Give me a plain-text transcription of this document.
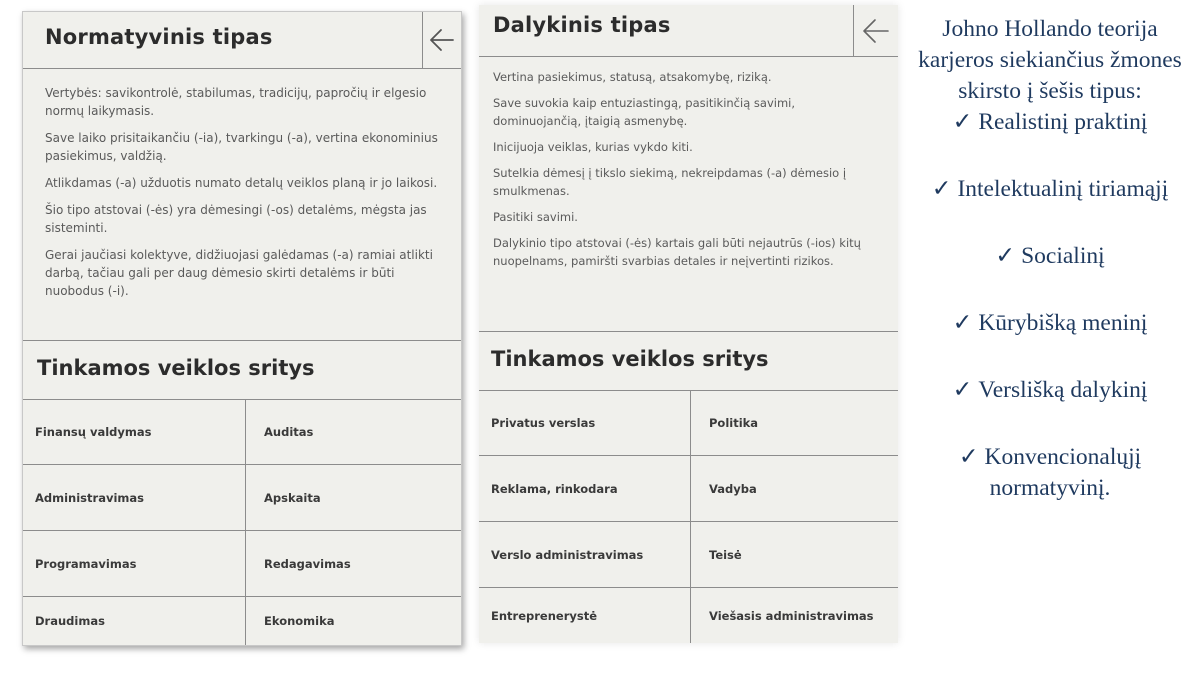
Normatyvinis tipas

Vertybės: savikontrolė, stabilumas, tradicijų, papročių ir elgesio normų laikymasis.

Save laiko prisitaikančiu (-ia), tvarkingu (-a), vertina ekonominius pasiekimus, valdžią.

Atlikdamas (-a) užduotis numato detalų veiklos planą ir jo laikosi.

Šio tipo atstovai (-ės) yra dėmesingi (-os) detalėms, mėgsta jas sisteminti.

Gerai jaučiasi kolektyve, didžiuojasi galėdamas (-a) ramiai atlikti darbą, tačiau gali per daug dėmesio skirti detalėms ir būti nuobodus (-i).

Tinkamos veiklos sritys
Finansų valdymas	Auditas
Administravimas	Apskaita
Programavimas	Redagavimas
Draudimas	Ekonomika
Dalykinis tipas

Vertina pasiekimus, statusą, atsakomybę, riziką.

Save suvokia kaip entuziastingą, pasitikinčią savimi, dominuojančią, įtaigią asmenybę.

Inicijuoja veiklas, kurias vykdo kiti.

Sutelkia dėmesį į tikslo siekimą, nekreipdamas (-a) dėmesio į smulkmenas.

Pasitiki savimi.

Dalykinio tipo atstovai (-ės) kartais gali būti nejautrūs (-ios) kitų nuopelnams, pamiršti svarbias detales ir neįvertinti rizikos.

Tinkamos veiklos sritys
Privatus verslas	Politika
Reklama, rinkodara	Vadyba
Verslo administravimas	Teisė
Entreprenerystė	Viešasis administravimas

Johno Hollando teorija karjeros siekiančius žmones skirsto į šešis tipus:

✓ Realistinį praktinį

✓ Intelektualinį tiriamąjį

✓ Socialinį

✓ Kūrybišką meninį

✓ Verslišką dalykinį

✓ Konvencionalųjį normatyvinį.
